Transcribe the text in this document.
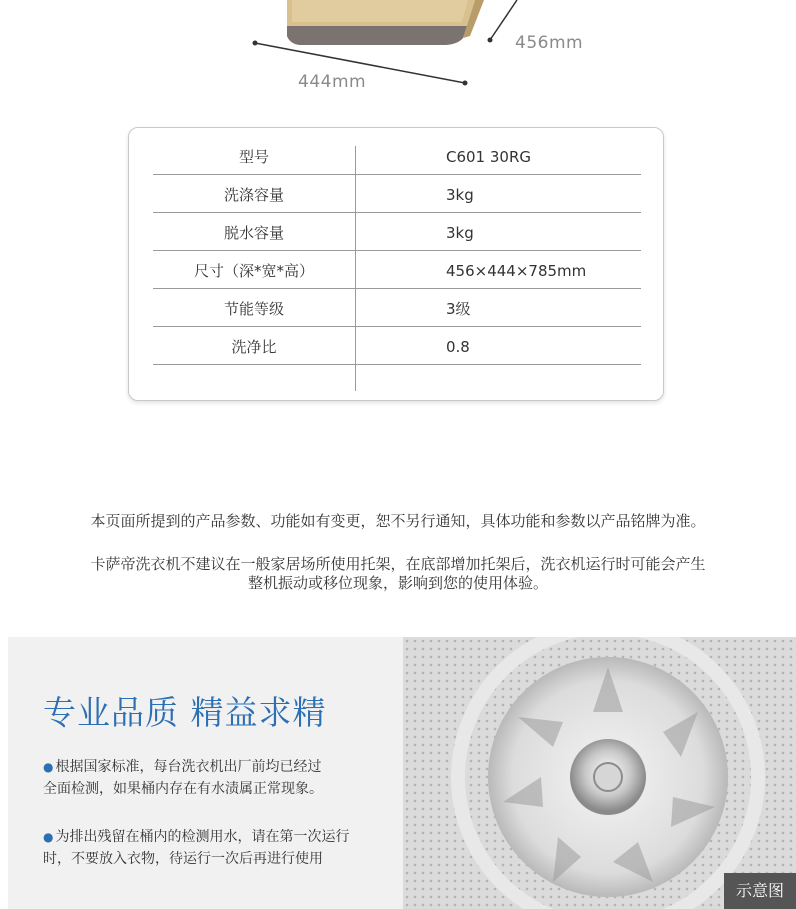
456mm
444mm
型号	C601 30RG
洗涤容量	3kg
脱水容量	3kg
尺寸（深*宽*高）	456×444×785mm
节能等级	3级
洗净比	0.8
本页面所提到的产品参数、功能如有变更，恕不另行通知，具体功能和参数以产品铭牌为准。
卡萨帝洗衣机不建议在一般家居场所使用托架，在底部增加托架后，洗衣机运行时可能会产生
整机振动或移位现象，影响到您的使用体验。
专业品质 精益求精
● 根据国家标准，每台洗衣机出厂前均已经过
全面检测，如果桶内存在有水渍属正常现象。
● 为排出残留在桶内的检测用水，请在第一次运行
时，不要放入衣物，待运行一次后再进行使用
示意图
